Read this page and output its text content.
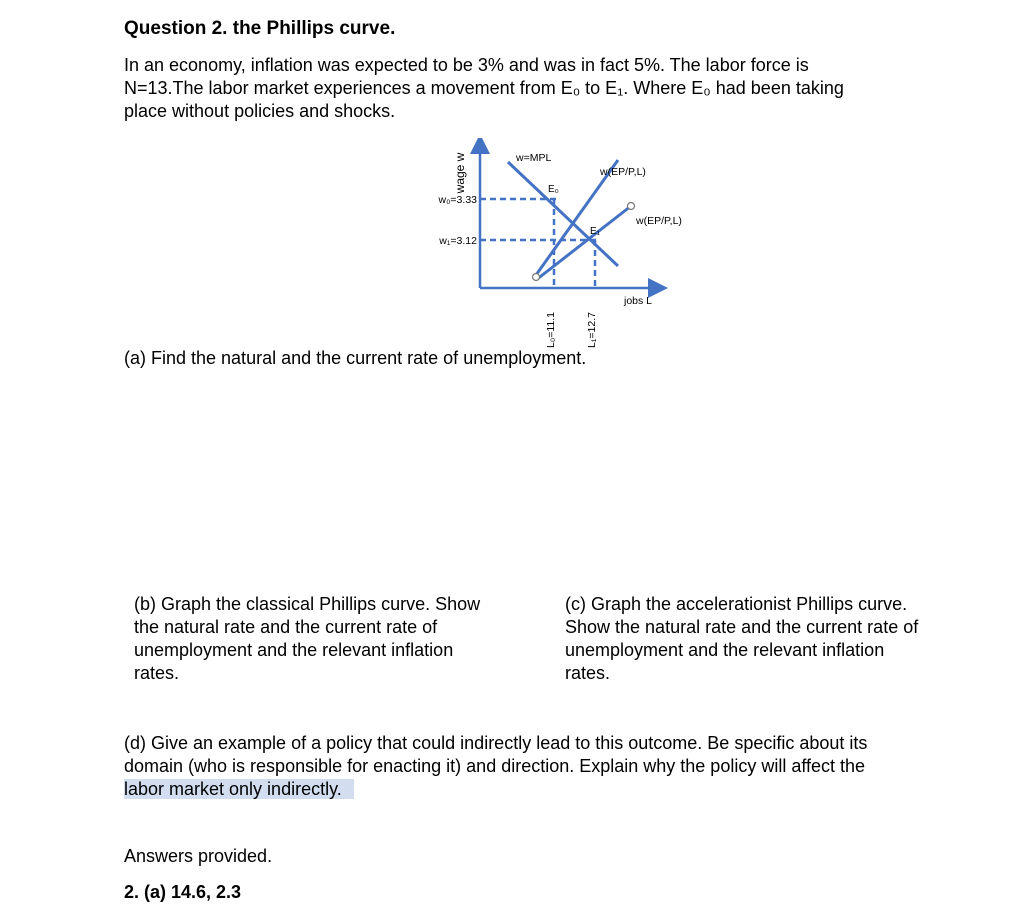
Question 2. the Phillips curve.
In an economy, inflation was expected to be 3% and was in fact 5%. The labor force is
N=13.The labor market experiences a movement from E₀ to E₁. Where E₀ had been taking
place without policies and shocks.
wage w
jobs L
w₀=3.33
w₁=3.12
w=MPL
w(EP/P,L)
w(EP/P,L)
E₀
E₁
L₀=11.1	L₁=12.7
(a) Find the natural and the current rate of unemployment.
(b) Graph the classical Phillips curve. Show
the natural rate and the current rate of
unemployment and the relevant inflation
rates.
(c) Graph the accelerationist Phillips curve.
Show the natural rate and the current rate of
unemployment and the relevant inflation
rates.
(d) Give an example of a policy that could indirectly lead to this outcome. Be specific about its
domain (who is responsible for enacting it) and direction. Explain why the policy will affect the
labor market only indirectly.
Answers provided.
2. (a) 14.6, 2.3
